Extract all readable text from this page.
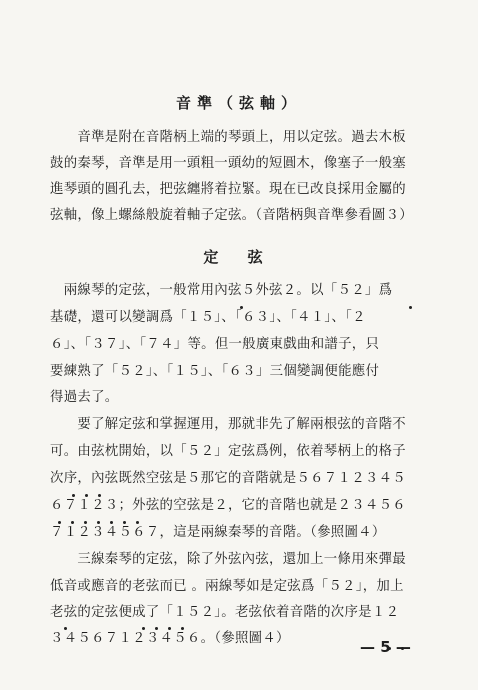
音準（弦軸）
　　音準是附在音階柄上端的琴頭上，用以定弦。過去木板
鼓的秦琴，音準是用一頭粗一頭幼的短圓木，像塞子一般塞
進琴頭的圓孔去，把弦纏將着拉緊。現在已改良採用金屬的
弦軸，像上螺絲般旋着軸子定弦。（音階柄與音準參看圖３）
定 弦
　兩線琴的定弦，一般常用內弦５外弦２。以「５２」爲
基礎，還可以變調爲「１５」、「６３」、「４１」、「２
６」、「３７」、「７４」等。但一般廣東戲曲和譜子，只
要練熟了「５２」、「１５」、「６３」三個變調便能應付
得過去了。
　　要了解定弦和掌握運用，那就非先了解兩根弦的音階不
可。由弦枕開始，以「５２」定弦爲例，依着琴柄上的格子
次序，內弦既然空弦是５那它的音階就是５６７１２３４５
６７１２３；外弦的空弦是２，它的音階也就是２３４５６
７１２３４５６７，這是兩線秦琴的音階。（參照圖４）
　　三線秦琴的定弦，除了外弦內弦，還加上一條用來彈最
低音或應音的老弦而已 。兩線琴如是定弦爲「５２」，加上
老弦的定弦便成了「１５２」。老弦依着音階的次序是１２
３４５６７１２３４５６。（參照圖４）	— 5 —
